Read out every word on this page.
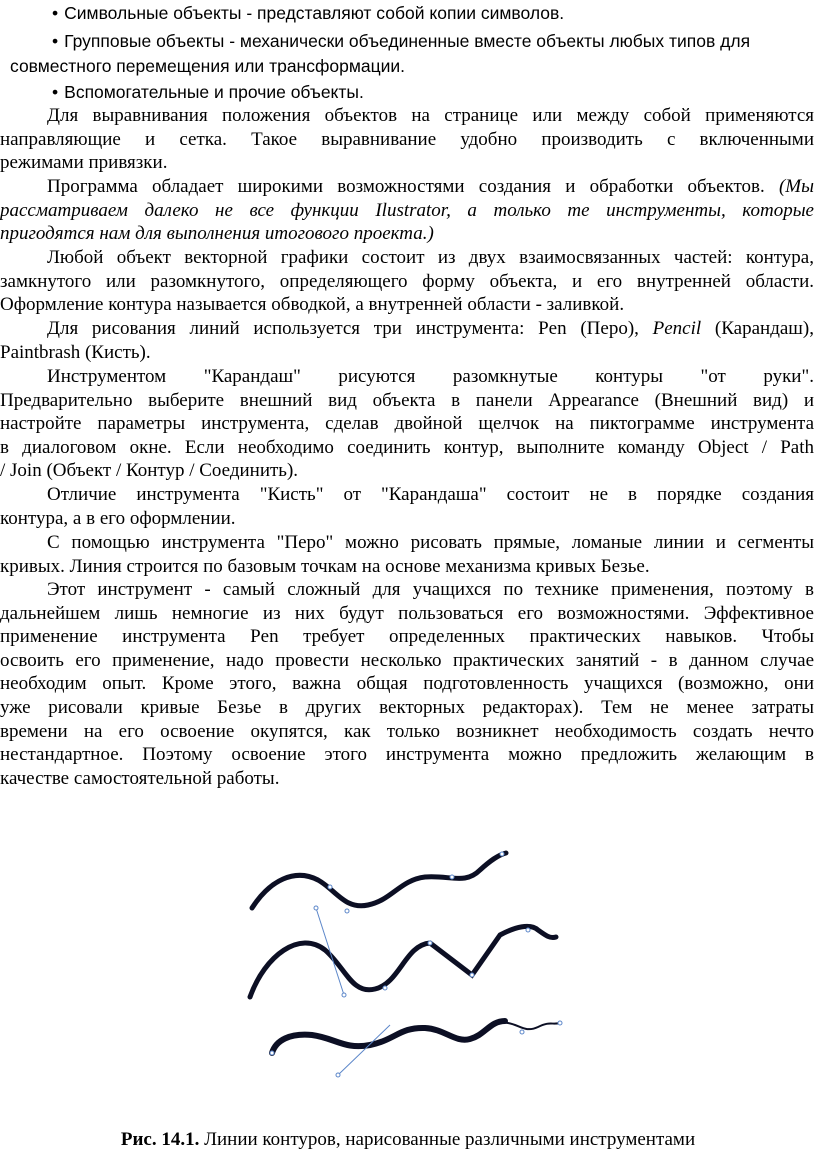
• Символьные объекты - представляют собой копии символов.
• Групповые объекты - механически объединенные вместе объекты любых типов для
совместного перемещения или трансформации.
• Вспомогательные и прочие объекты.
Для выравнивания положения объектов на странице или между собой применяются
направляющие и сетка. Такое выравнивание удобно производить с включенными
режимами привязки.
Программа обладает широкими возможностями создания и обработки объектов. (Мы
рассматриваем далеко не все функции Ilustrator, а только те инструменты, которые
пригодятся нам для выполнения итогового проекта.)
Любой объект векторной графики состоит из двух взаимосвязанных частей: контура,
замкнутого или разомкнутого, определяющего форму объекта, и его внутренней области.
Оформление контура называется обводкой, а внутренней области - заливкой.
Для рисования линий используется три инструмента: Pen (Перо), Pencil (Карандаш),
Paintbrash (Кисть).
Инструментом "Карандаш" рисуются разомкнутые контуры "от руки".
Предварительно выберите внешний вид объекта в панели Appearance (Внешний вид) и
настройте параметры инструмента, сделав двойной щелчок на пиктограмме инструмента
в диалоговом окне. Если необходимо соединить контур, выполните команду Object / Path
/ Join (Объект / Контур / Соединить).
Отличие инструмента "Кисть" от "Карандаша" состоит не в порядке создания
контура, а в его оформлении.
С помощью инструмента "Перо" можно рисовать прямые, ломаные линии и сегменты
кривых. Линия строится по базовым точкам на основе механизма кривых Безье.
Этот инструмент - самый сложный для учащихся по технике применения, поэтому в
дальнейшем лишь немногие из них будут пользоваться его возможностями. Эффективное
применение инструмента Pen требует определенных практических навыков. Чтобы
освоить его применение, надо провести несколько практических занятий - в данном случае
необходим опыт. Кроме этого, важна общая подготовленность учащихся (возможно, они
уже рисовали кривые Безье в других векторных редакторах). Тем не менее затраты
времени на его освоение окупятся, как только возникнет необходимость создать нечто
нестандартное. Поэтому освоение этого инструмента можно предложить желающим в
качестве самостоятельной работы.
Рис. 14.1. Линии контуров, нарисованные различными инструментами
